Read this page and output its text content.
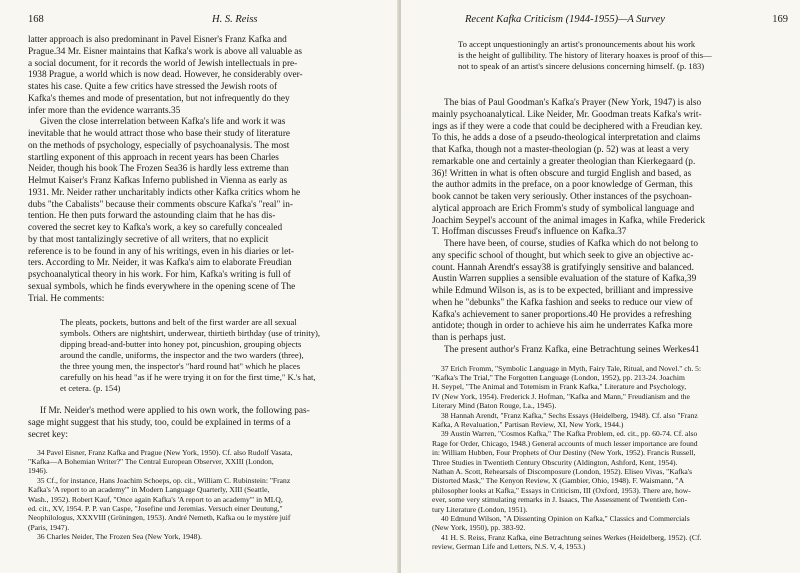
168	H. S. Reiss
latter approach is also predominant in Pavel Eisner's Franz Kafka and
Prague.34 Mr. Eisner maintains that Kafka's work is above all valuable as
a social document, for it records the world of Jewish intellectuals in pre-
1938 Prague, a world which is now dead. However, he considerably over-
states his case. Quite a few critics have stressed the Jewish roots of
Kafka's themes and mode of presentation, but not infrequently do they
infer more than the evidence warrants.35
Given the close interrelation between Kafka's life and work it was
inevitable that he would attract those who base their study of literature
on the methods of psychology, especially of psychoanalysis. The most
startling exponent of this approach in recent years has been Charles
Neider, though his book The Frozen Sea36 is hardly less extreme than
Helmut Kaiser's Franz Kafkas Inferno published in Vienna as early as
1931. Mr. Neider rather uncharitably indicts other Kafka critics whom he
dubs "the Cabalists" because their comments obscure Kafka's "real" in-
tention. He then puts forward the astounding claim that he has dis-
covered the secret key to Kafka's work, a key so carefully concealed
by that most tantalizingly secretive of all writers, that no explicit
reference is to be found in any of his writings, even in his diaries or let-
ters. According to Mr. Neider, it was Kafka's aim to elaborate Freudian
psychoanalytical theory in his work. For him, Kafka's writing is full of
sexual symbols, which he finds everywhere in the opening scene of The
Trial. He comments:
The pleats, pockets, buttons and belt of the first warder are all sexual
symbols. Others are nightshirt, underwear, thirtieth birthday (use of trinity),
dipping bread-and-butter into honey pot, pincushion, grouping objects
around the candle, uniforms, the inspector and the two warders (three),
the three young men, the inspector's "hard round hat" which he places
carefully on his head "as if he were trying it on for the first time," K.'s hat,
et cetera. (p. 154)
If Mr. Neider's method were applied to his own work, the following pas-
sage might suggest that his study, too, could be explained in terms of a
secret key:
34 Pavel Eisner, Franz Kafka and Prague (New York, 1950). Cf. also Rudolf Vasata,
"Kafka—A Bohemian Writer?" The Central European Observer, XXIII (London,
1946).
35 Cf., for instance, Hans Joachim Schoeps, op. cit., William C. Rubinstein: "Franz
Kafka's 'A report to an academy'" in Modern Language Quarterly, XIII (Seattle,
Wash., 1952). Robert Kauf, "Once again Kafka's 'A report to an academy'" in MLQ,
ed. cit., XV, 1954. P. P. van Caspe, "Josefine und Jeremias. Versuch einer Deutung,"
Neophilologus, XXXVIII (Gröningen, 1953). André Nemeth, Kafka ou le mystère juif
(Paris, 1947).
36 Charles Neider, The Frozen Sea (New York, 1948).
Recent Kafka Criticism (1944-1955)—A Survey	169
To accept unquestioningly an artist's pronouncements about his work
is the height of gullibility. The history of literary hoaxes is proof of this—
not to speak of an artist's sincere delusions concerning himself. (p. 183)
The bias of Paul Goodman's Kafka's Prayer (New York, 1947) is also
mainly psychoanalytical. Like Neider, Mr. Goodman treats Kafka's writ-
ings as if they were a code that could be deciphered with a Freudian key.
To this, he adds a dose of a pseudo-theological interpretation and claims
that Kafka, though not a master-theologian (p. 52) was at least a very
remarkable one and certainly a greater theologian than Kierkegaard (p.
36)! Written in what is often obscure and turgid English and based, as
the author admits in the preface, on a poor knowledge of German, this
book cannot be taken very seriously. Other instances of the psychoan-
alytical approach are Erich Fromm's study of symbolical language and
Joachim Seypel's account of the animal images in Kafka, while Frederick
T. Hoffman discusses Freud's influence on Kafka.37
There have been, of course, studies of Kafka which do not belong to
any specific school of thought, but which seek to give an objective ac-
count. Hannah Arendt's essay38 is gratifyingly sensitive and balanced.
Austin Warren supplies a sensible evaluation of the stature of Kafka,39
while Edmund Wilson is, as is to be expected, brilliant and impressive
when he "debunks" the Kafka fashion and seeks to reduce our view of
Kafka's achievement to saner proportions.40 He provides a refreshing
antidote; though in order to achieve his aim he underrates Kafka more
than is perhaps just.
The present author's Franz Kafka, eine Betrachtung seines Werkes41
37 Erich Fromm, "Symbolic Language in Myth, Fairy Tale, Ritual, and Novel." ch. 5:
"Kafka's The Trial," The Forgotten Language (London, 1952), pp. 213-24. Joachim
H. Seypel, "The Animal and Totemism in Frank Kafka," Literature and Psychology,
IV (New York, 1954). Frederick J. Hofman, "Kafka and Mann," Freudianism and the
Literary Mind (Baton Rouge, La., 1945).
38 Hannah Arendt, "Franz Kafka," Sechs Essays (Heidelberg, 1948). Cf. also "Franz
Kafka, A Revaluation," Partisan Review, XI, New York, 1944.)
39 Austin Warren, "Cosmos Kafka," The Kafka Problem, ed. cit., pp. 60-74. Cf. also
Rage for Order, Chicago, 1948.) General accounts of much lesser importance are found
in: William Hubben, Four Prophets of Our Destiny (New York, 1952). Francis Russell,
Three Studies in Twentieth Century Obscurity (Aldington, Ashford, Kent, 1954).
Nathan A. Scott, Rehearsals of Discomposure (London, 1952). Eliseo Vivas, "Kafka's
Distorted Mask," The Kenyon Review, X (Gambier, Ohio, 1948). F. Waismann, "A
philosopher looks at Kafka," Essays in Criticism, III (Oxford, 1953). There are, how-
ever, some very stimulating remarks in J. Isaacs, The Assessment of Twentieth Cen-
tury Literature (London, 1951).
40 Edmund Wilson, "A Dissenting Opinion on Kafka," Classics and Commercials
(New York, 1950), pp. 383-92.
41 H. S. Reiss, Franz Kafka, eine Betrachtung seines Werkes (Heidelberg, 1952). (Cf.
review, German Life and Letters, N.S. V, 4, 1953.)
